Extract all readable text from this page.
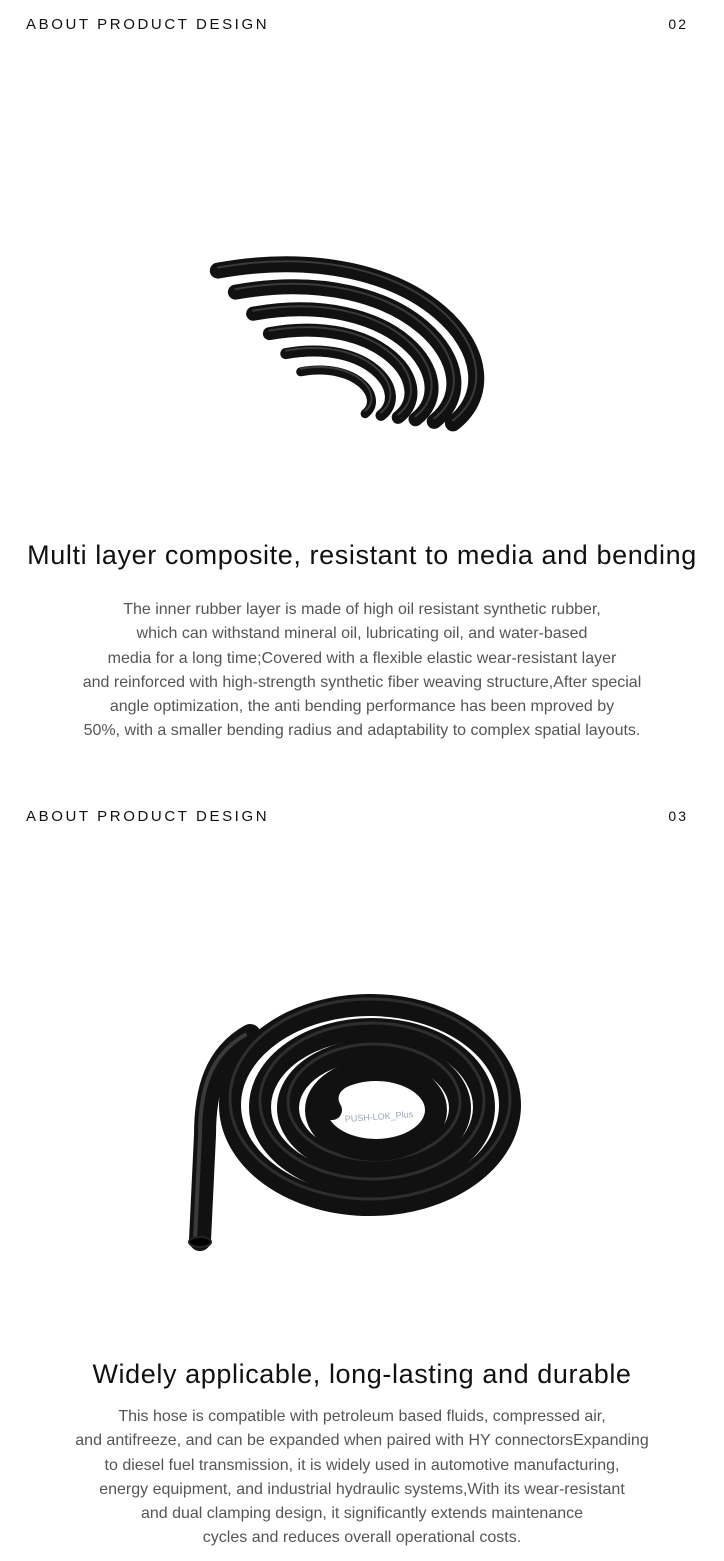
ABOUT PRODUCT DESIGN	02
Multi layer composite, resistant to media and bending

The inner rubber layer is made of high oil resistant synthetic rubber,
which can withstand mineral oil, lubricating oil, and water-based
media for a long time;Covered with a flexible elastic wear-resistant layer
and reinforced with high-strength synthetic fiber weaving structure,After special
angle optimization, the anti bending performance has been mproved by
50%, with a smaller bending radius and adaptability to complex spatial layouts.

ABOUT PRODUCT DESIGN	03
PUSH-LOK_Plus
Widely applicable, long-lasting and durable

This hose is compatible with petroleum based fluids, compressed air,
and antifreeze, and can be expanded when paired with HY connectorsExpanding
to diesel fuel transmission, it is widely used in automotive manufacturing,
energy equipment, and industrial hydraulic systems,With its wear-resistant
and dual clamping design, it significantly extends maintenance
cycles and reduces overall operational costs.
